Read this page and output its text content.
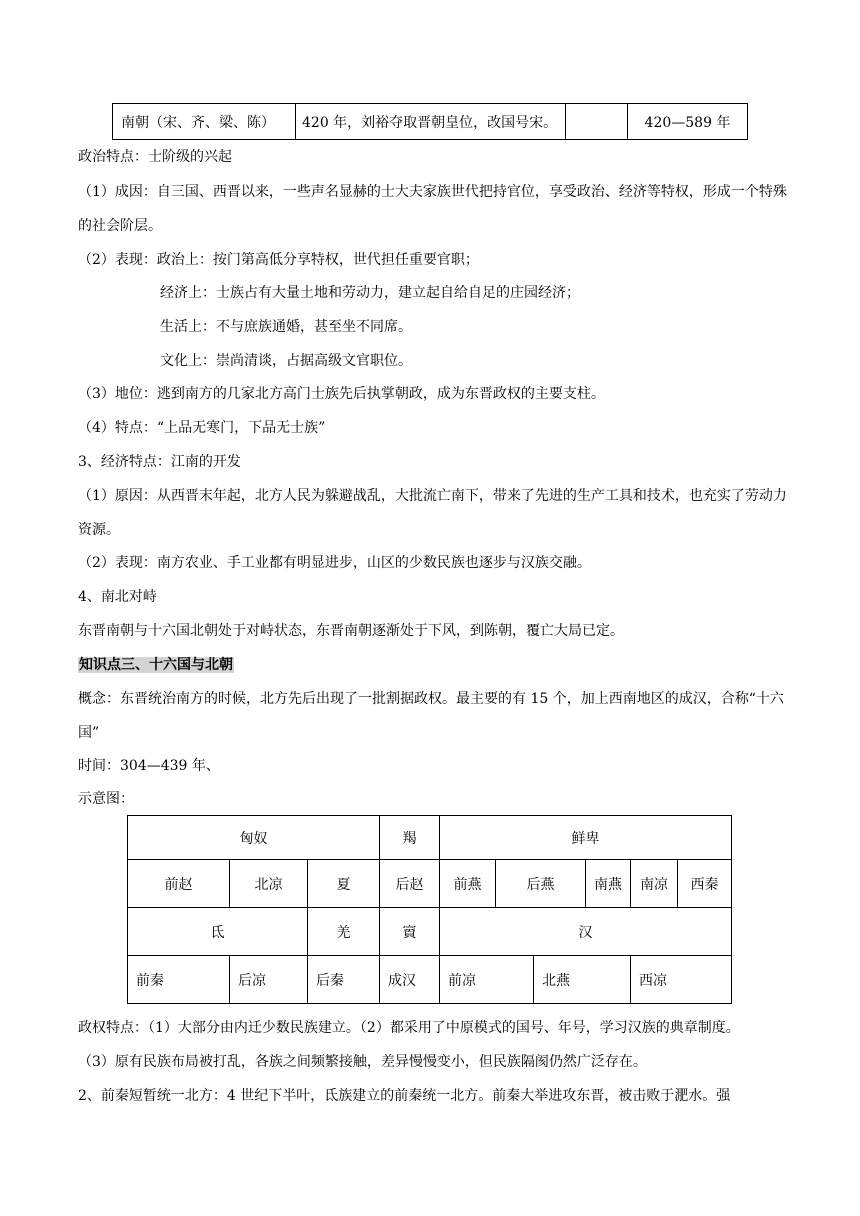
南朝（宋、齐、梁、陈）	420 年，刘裕夺取晋朝皇位，改国号宋。		420—589 年
政治特点：士阶级的兴起
（1）成因：自三国、西晋以来，一些声名显赫的士大夫家族世代把持官位，享受政治、经济等特权，形成一个特殊的社会阶层。
（2）表现：政治上：按门第高低分享特权，世代担任重要官职；
经济上：士族占有大量土地和劳动力，建立起自给自足的庄园经济；
生活上：不与庶族通婚，甚至坐不同席。
文化上：崇尚清谈，占据高级文官职位。
（3）地位：逃到南方的几家北方高门士族先后执掌朝政，成为东晋政权的主要支柱。
（4）特点：“上品无寒门，下品无士族”
3、经济特点：江南的开发
（1）原因：从西晋末年起，北方人民为躲避战乱，大批流亡南下，带来了先进的生产工具和技术，也充实了劳动力资源。
（2）表现：南方农业、手工业都有明显进步，山区的少数民族也逐步与汉族交融。
4、南北对峙
东晋南朝与十六国北朝处于对峙状态，东晋南朝逐渐处于下风，到陈朝，覆亡大局已定。
知识点三、十六国与北朝
概念：东晋统治南方的时候，北方先后出现了一批割据政权。最主要的有 15 个，加上西南地区的成汉，合称“十六国”
时间：304—439 年、
示意图：
匈奴			羯	鲜卑					
前赵	北凉	夏	后赵	前燕	后燕		南燕	南凉	西秦
氐		羌	賨	汉					
前秦	后凉	后秦	成汉	前凉		北燕		西凉	
政权特点：（1）大部分由内迁少数民族建立。（2）都采用了中原模式的国号、年号，学习汉族的典章制度。
（3）原有民族布局被打乱，各族之间频繁接触，差异慢慢变小，但民族隔阂仍然广泛存在。
2、前秦短暂统一北方：4 世纪下半叶，氐族建立的前秦统一北方。前秦大举进攻东晋，被击败于淝水。强
